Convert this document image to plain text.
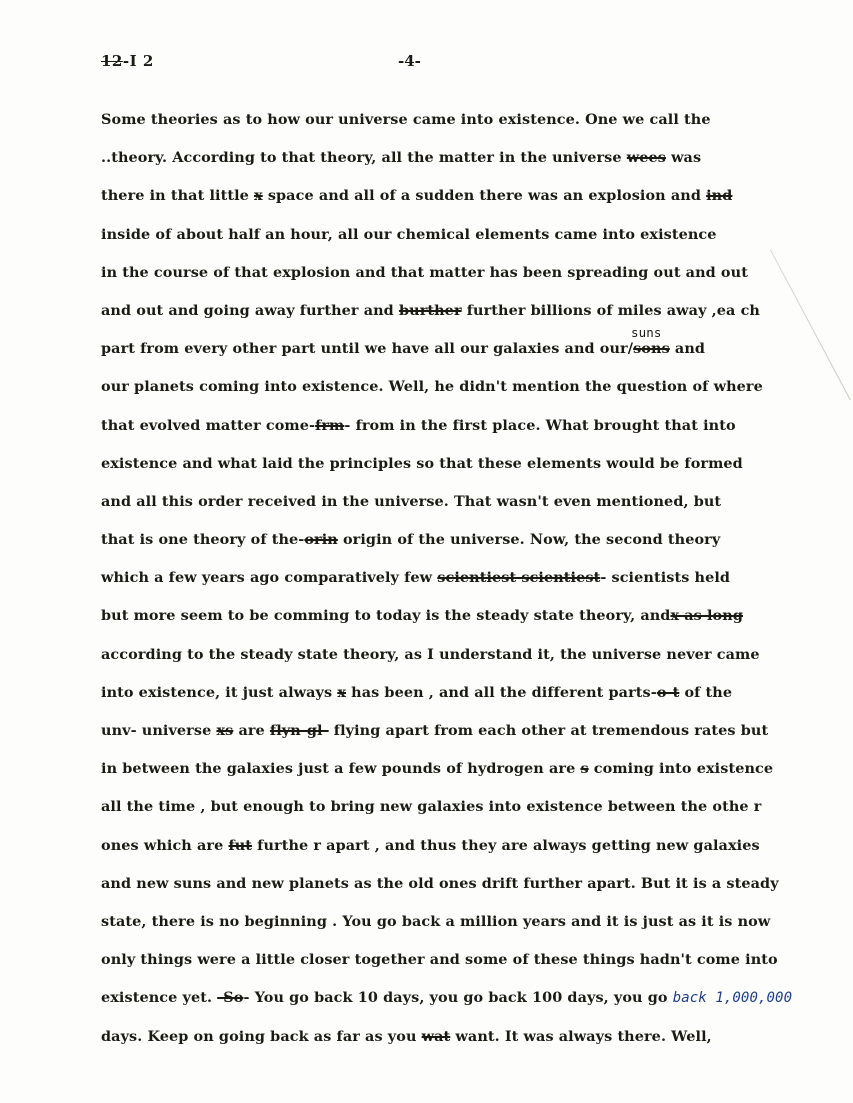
12-I 2	-4-
Some theories as to how our universe came into existence. One we call the
..theory. According to that theory, all the matter in the universe wees was
there in that little x space and all of a sudden there was an explosion and ind
inside of about half an hour, all our chemical elements came into existence
in the course of that explosion and that matter has been spreading out and out
and out and going away further and burther further billions of miles away ,ea ch
part from every other part until we have all our galaxies and our/sons and
suns
our planets coming into existence. Well, he didn't mention the question of where
that evolved matter come-frm- from in the first place. What brought that into
existence and what laid the principles so that these elements would be formed
and all this order received in the universe. That wasn't even mentioned, but
that is one theory of the-orin origin of the universe. Now, the second theory
which a few years ago comparatively few scientiest scientiest- scientists held
but more seem to be comming to today is the steady state theory, andx as long
according to the steady state theory, as I understand it, the universe never came
into existence, it just always x has been , and all the different parts-o-t of the
unv- universe xs are flyn-gl- flying apart from each other at tremendous rates but
in between the galaxies just a few pounds of hydrogen are s coming into existence
all the time , but enough to bring new galaxies into existence between the othe r
ones which are fut furthe r apart , and thus they are always getting new galaxies
and new suns and new planets as the old ones drift further apart. But it is a steady
state, there is no beginning . You go back a million years and it is just as it is now
only things were a little closer together and some of these things hadn't come into
existence yet. -So- You go back 10 days, you go back 100 days, you go back 1,000,000
days. Keep on going back as far as you wat want. It was always there. Well,
